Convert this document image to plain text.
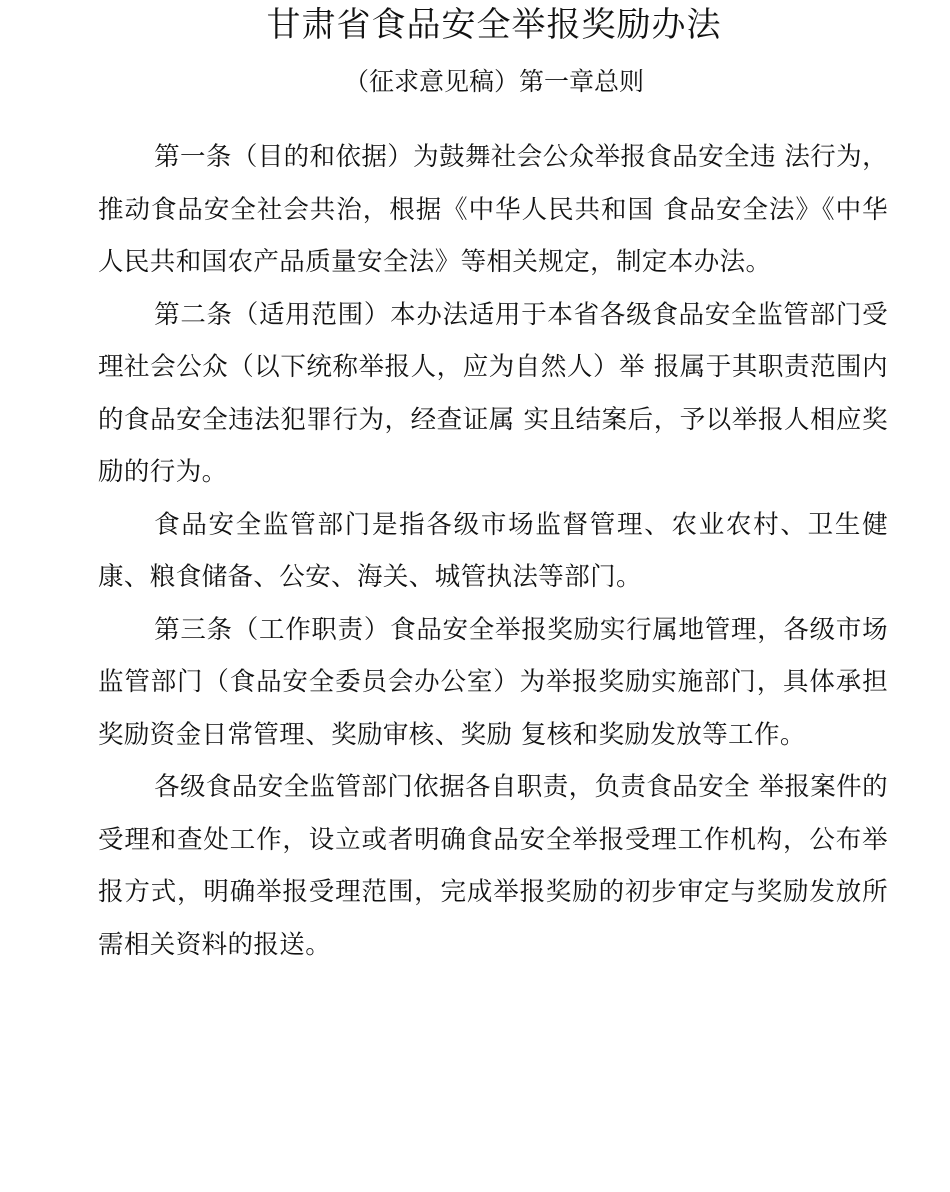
甘肃省食品安全举报奖励办法
（征求意见稿）第一章总则

第一条（目的和依据）为鼓舞社会公众举报食品安全违 法行为，推动食品安全社会共治，根据《中华人民共和国 食品安全法》《中华人民共和国农产品质量安全法》等相关规定，制定本办法。

第二条（适用范围）本办法适用于本省各级食品安全监管部门受理社会公众（以下统称举报人，应为自然人）举 报属于其职责范围内的食品安全违法犯罪行为，经查证属 实且结案后，予以举报人相应奖励的行为。

食品安全监管部门是指各级市场监督管理、农业农村、卫生健康、粮食储备、公安、海关、城管执法等部门。

第三条（工作职责）食品安全举报奖励实行属地管理，各级市场监管部门（食品安全委员会办公室）为举报奖励实施部门，具体承担奖励资金日常管理、奖励审核、奖励 复核和奖励发放等工作。

各级食品安全监管部门依据各自职责，负责食品安全 举报案件的受理和查处工作，设立或者明确食品安全举报受理工作机构，公布举报方式，明确举报受理范围，完成举报奖励的初步审定与奖励发放所需相关资料的报送。
